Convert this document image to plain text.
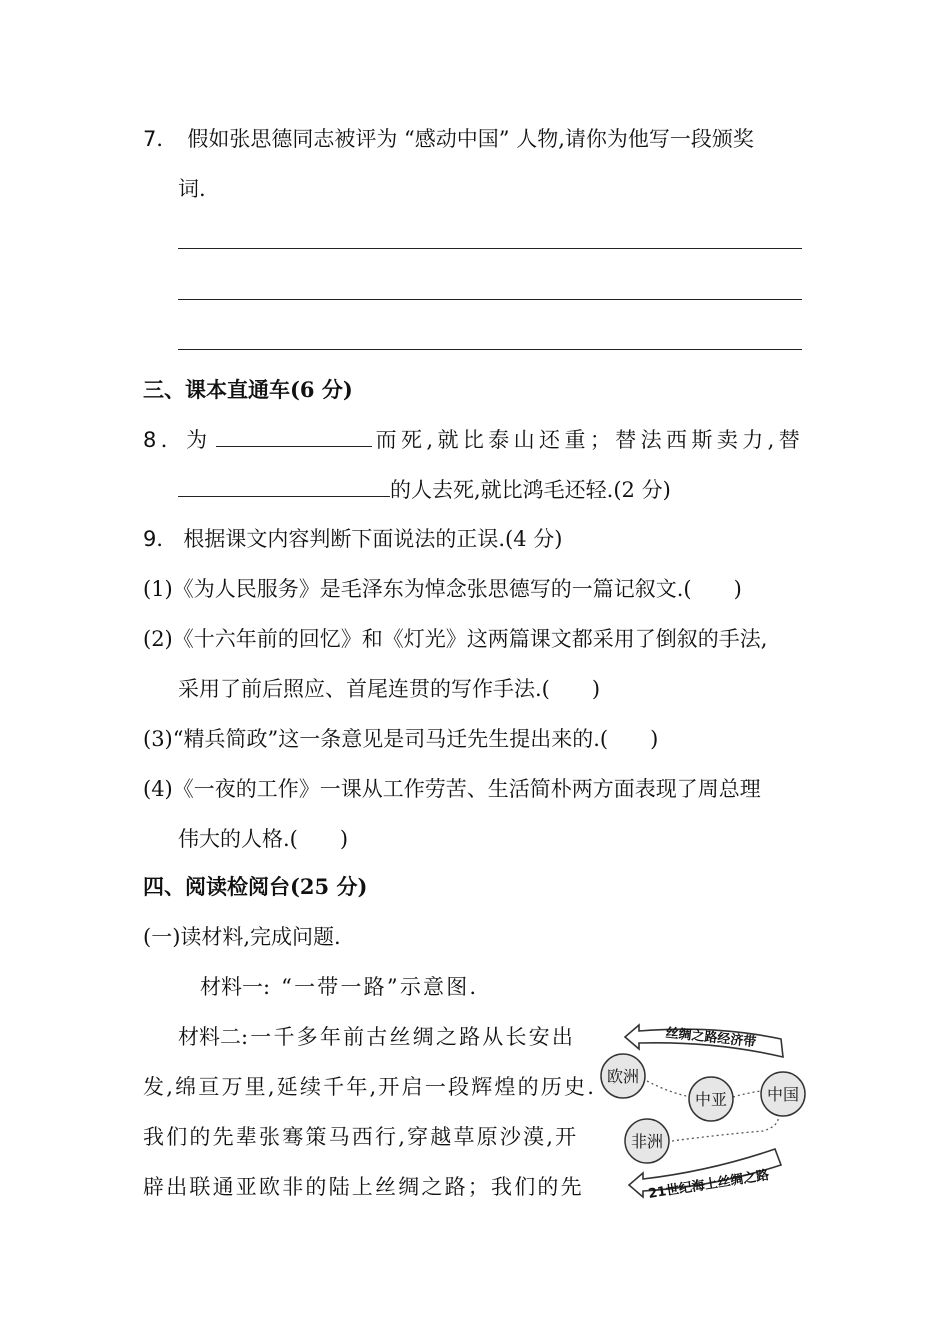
7． 假如张思德同志被评为 “感动中国” 人物,请你为他写一段颁奖
词.
三、课本直通车(6 分)
8．为	而死,就比泰山还重；替法西斯卖力,替
的人去死,就比鸿毛还轻.(2 分)
9． 根据课文内容判断下面说法的正误.(4 分)
(1)《为人民服务》是毛泽东为悼念张思德写的一篇记叙文.(　　)
(2)《十六年前的回忆》和《灯光》这两篇课文都采用了倒叙的手法,
采用了前后照应、首尾连贯的写作手法.(　　)
(3)“精兵简政”这一条意见是司马迁先生提出来的.(　　)
(4)《一夜的工作》一课从工作劳苦、生活简朴两方面表现了周总理
伟大的人格.(　　)
四、阅读检阅台(25 分)
(一)读材料,完成问题.
材料一: “一带一路”示意图.
材料二:一千多年前古丝绸之路从长安出
发,绵亘万里,延续千年,开启一段辉煌的历史.
我们的先辈张骞策马西行,穿越草原沙漠,开
辟出联通亚欧非的陆上丝绸之路；我们的先
丝绸之路经济带
欧洲
中亚 中国
非洲
21世纪海上丝绸之路
